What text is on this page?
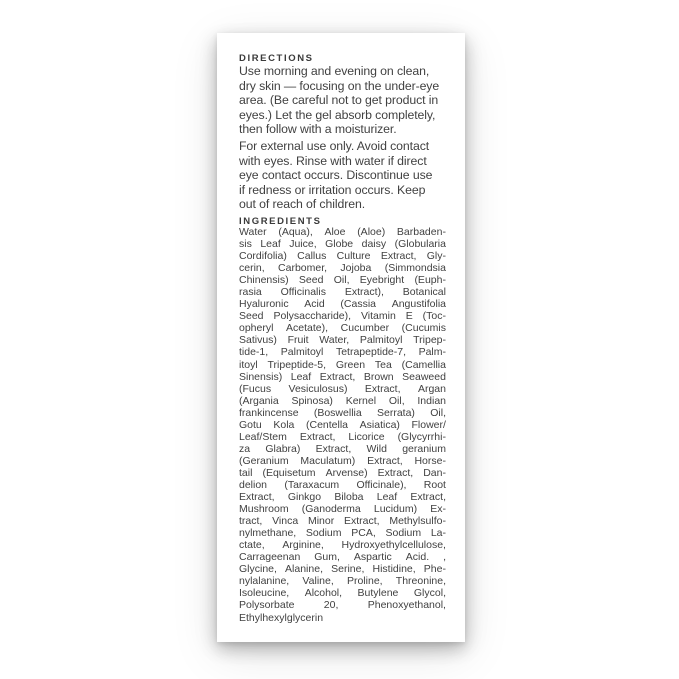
DIRECTIONS
Use morning and evening on clean,
dry skin — focusing on the under-eye
area. (Be careful not to get product in
eyes.) Let the gel absorb completely,
then follow with a moisturizer.
For external use only. Avoid contact
with eyes. Rinse with water if direct
eye contact occurs. Discontinue use
if redness or irritation occurs. Keep
out of reach of children.
INGREDIENTS
Water (Aqua), Aloe (Aloe) Barbaden-
sis Leaf Juice, Globe daisy (Globularia
Cordifolia) Callus Culture Extract, Gly-
cerin, Carbomer, Jojoba (Simmondsia
Chinensis) Seed Oil, Eyebright (Euph-
rasia Officinalis Extract), Botanical
Hyaluronic Acid (Cassia Angustifolia
Seed Polysaccharide), Vitamin E (Toc-
opheryl Acetate), Cucumber (Cucumis
Sativus) Fruit Water, Palmitoyl Tripep-
tide-1, Palmitoyl Tetrapeptide-7, Palm-
itoyl Tripeptide-5, Green Tea (Camellia
Sinensis) Leaf Extract, Brown Seaweed
(Fucus Vesiculosus) Extract, Argan
(Argania Spinosa) Kernel Oil, Indian
frankincense (Boswellia Serrata) Oil,
Gotu Kola (Centella Asiatica) Flower/
Leaf/Stem Extract, Licorice (Glycyrrhi-
za Glabra) Extract, Wild geranium
(Geranium Maculatum) Extract, Horse-
tail (Equisetum Arvense) Extract, Dan-
delion (Taraxacum Officinale), Root
Extract, Ginkgo Biloba Leaf Extract,
Mushroom (Ganoderma Lucidum) Ex-
tract, Vinca Minor Extract, Methylsulfo-
nylmethane, Sodium PCA, Sodium La-
ctate, Arginine, Hydroxyethylcellulose,
Carrageenan Gum, Aspartic Acid. ,
Glycine, Alanine, Serine, Histidine, Phe-
nylalanine, Valine, Proline, Threonine,
Isoleucine, Alcohol, Butylene Glycol,
Polysorbate	20,	Phenoxyethanol,
Ethylhexylglycerin
